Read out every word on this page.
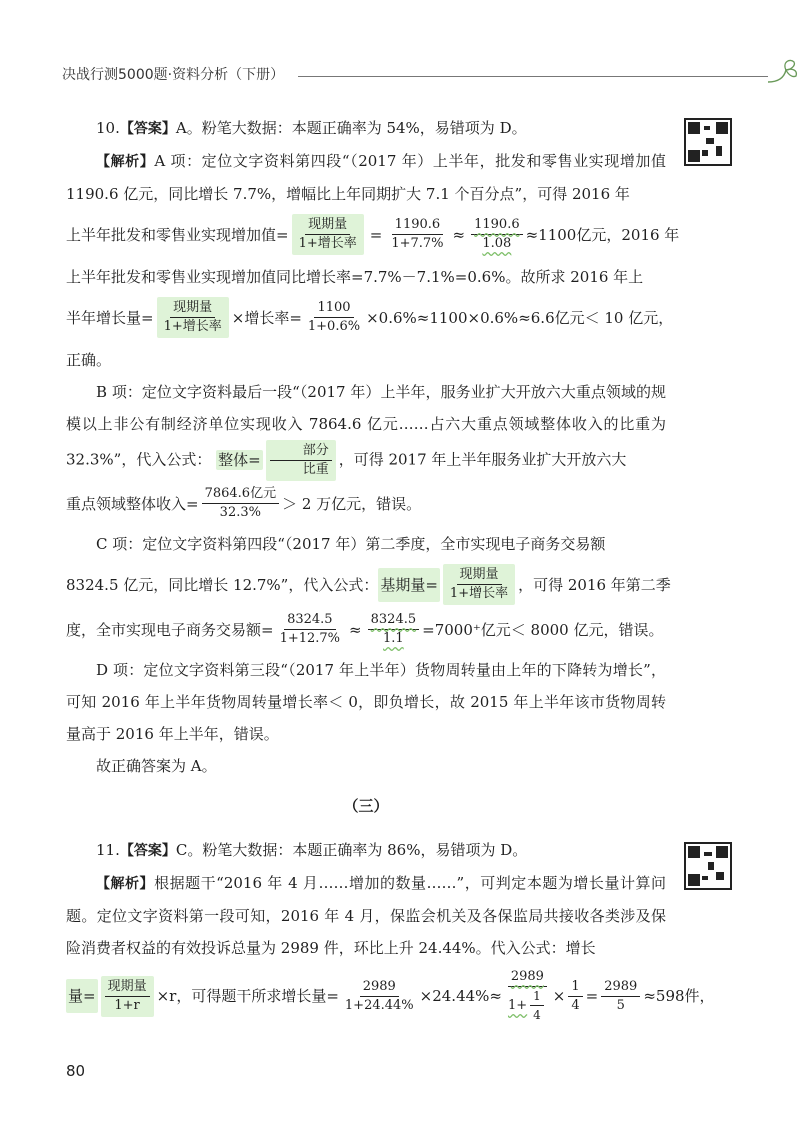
决战行测5000题·资料分析（下册）

10.【答案】A。粉笔大数据：本题正确率为 54%，易错项为 D。

【解析】A 项：定位文字资料第四段“（2017 年）上半年，批发和零售业实现增加值 1190.6 亿元，同比增长 7.7%，增幅比上年同期扩大 7.1 个百分点”，可得 2016 年

上半年批发和零售业实现增加值= $\frac{\text{现期量}}{\text{1+增长率}} = \frac{1190.6}{1+7.7\%} \approx \frac{1190.6}{1.08} \approx 1100$亿元，2016 年

上半年批发和零售业实现增加值同比增长率=7.7%－7.1%=0.6%。故所求 2016 年上

半年增长量= $\frac{\text{现期量}}{\text{1+增长率}}$ ×增长率= $\frac{1100}{1+0.6\%} \times 0.6\%\approx 1100\times 0.6\%\approx 6.6$亿元＜ 10 亿元，

正确。

B 项：定位文字资料最后一段“（2017 年）上半年，服务业扩大开放六大重点领域的规模以上非公有制经济单位实现收入 7864.6 亿元……占六大重点领域整体收入的比重为 32.3%”，代入公式： 整体= $\frac{\text{部分}}{\text{比重}}$ ，可得 2017 年上半年服务业扩大开放六大

重点领域整体收入= $\frac{\text{7864.6亿元}}{32.3\%} > 2$ 万亿元，错误。

C 项：定位文字资料第四段“（2017 年）第二季度，全市实现电子商务交易额

8324.5 亿元，同比增长 12.7%”，代入公式： 基期量= $\frac{\text{现期量}}{\text{1+增长率}}$ ，可得 2016 年第二季
度，全市实现电子商务交易额= $\frac{8324.5}{1+12.7\%} \approx \frac{8324.5}{1.1} =7000^+$亿元＜ 8000 亿元，错误。

D 项：定位文字资料第三段“（2017 年上半年）货物周转量由上年的下降转为增长”，可知 2016 年上半年货物周转量增长率＜ 0，即负增长，故 2015 年上半年该市货物周转量高于 2016 年上半年，错误。

故正确答案为 A。

（三）

11.【答案】C。粉笔大数据：本题正确率为 86%，易错项为 D。

【解析】根据题干“2016 年 4 月……增加的数量……”，可判定本题为增长量计算问题。定位文字资料第一段可知，2016 年 4 月，保监会机关及各保监局共接收各类涉及保险消费者权益的有效投诉总量为 2989 件，环比上升 24.44%。代入公式：增长

量= $\frac{\text{现期量}}{1+r} \times r$，可得题干所求增长量= $\frac{2989}{1+24.44\%} \times 24.44\%\approx \frac{2989}{1+ \frac{1}{4}} \times \frac{1}{4} = \frac{2989}{5} \approx 598$件，
80
